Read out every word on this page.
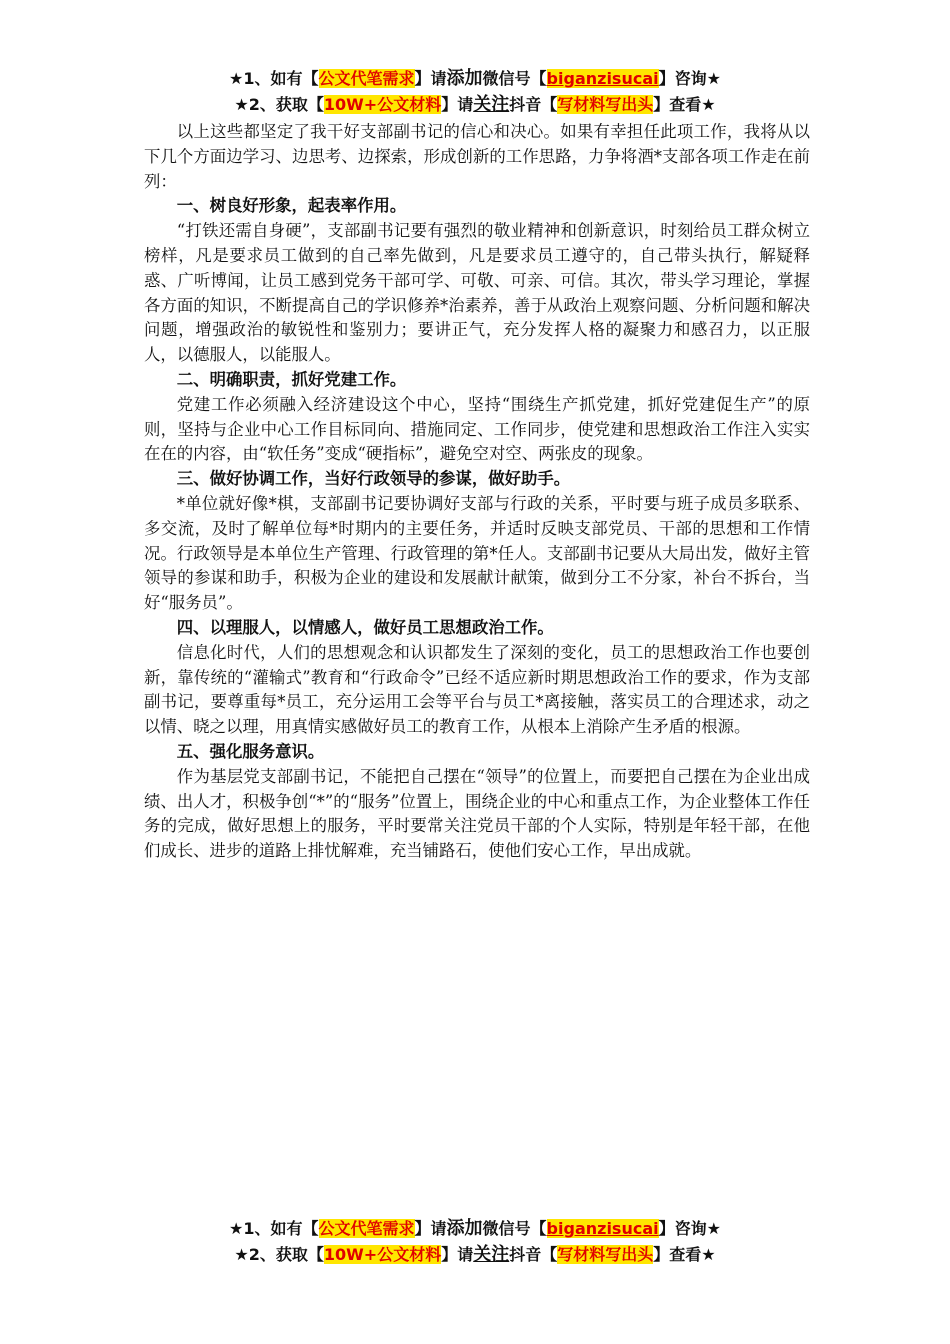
★1、如有【公文代笔需求】请添加微信号【biganzisucai】咨询★
★2、获取【10W+公文材料】请关注抖音【写材料写出头】查看★

以上这些都坚定了我干好支部副书记的信心和决心。如果有幸担任此项工作，我将从以下几个方面边学习、边思考、边探索，形成创新的工作思路，力争将酒*支部各项工作走在前列：

一、树良好形象，起表率作用。

“打铁还需自身硬”，支部副书记要有强烈的敬业精神和创新意识，时刻给员工群众树立榜样，凡是要求员工做到的自己率先做到，凡是要求员工遵守的，自己带头执行，解疑释惑、广听博闻，让员工感到党务干部可学、可敬、可亲、可信。其次，带头学习理论，掌握各方面的知识，不断提高自己的学识修养*治素养，善于从政治上观察问题、分析问题和解决问题，增强政治的敏锐性和鉴别力；要讲正气，充分发挥人格的凝聚力和感召力，以正服人，以德服人，以能服人。

二、明确职责，抓好党建工作。

党建工作必须融入经济建设这个中心，坚持“围绕生产抓党建，抓好党建促生产”的原则，坚持与企业中心工作目标同向、措施同定、工作同步，使党建和思想政治工作注入实实在在的内容，由“软任务”变成“硬指标”，避免空对空、两张皮的现象。

三、做好协调工作，当好行政领导的参谋，做好助手。

*单位就好像*棋，支部副书记要协调好支部与行政的关系，平时要与班子成员多联系、多交流，及时了解单位每*时期内的主要任务，并适时反映支部党员、干部的思想和工作情况。行政领导是本单位生产管理、行政管理的第*任人。支部副书记要从大局出发，做好主管领导的参谋和助手，积极为企业的建设和发展献计献策，做到分工不分家，补台不拆台，当好“服务员”。

四、以理服人，以情感人，做好员工思想政治工作。

信息化时代，人们的思想观念和认识都发生了深刻的变化，员工的思想政治工作也要创新，靠传统的“灌输式”教育和“行政命令”已经不适应新时期思想政治工作的要求，作为支部副书记，要尊重每*员工，充分运用工会等平台与员工*离接触，落实员工的合理述求，动之以情、晓之以理，用真情实感做好员工的教育工作，从根本上消除产生矛盾的根源。

五、强化服务意识。

作为基层党支部副书记，不能把自己摆在“领导”的位置上，而要把自己摆在为企业出成绩、出人才，积极争创“*”的“服务”位置上，围绕企业的中心和重点工作，为企业整体工作任务的完成，做好思想上的服务，平时要常关注党员干部的个人实际，特别是年轻干部，在他们成长、进步的道路上排忧解难，充当铺路石，使他们安心工作，早出成就。

★1、如有【公文代笔需求】请添加微信号【biganzisucai】咨询★
★2、获取【10W+公文材料】请关注抖音【写材料写出头】查看★
